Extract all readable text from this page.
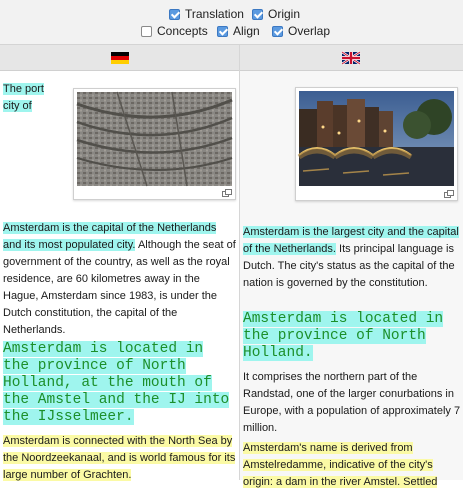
Translation Origin
Concepts Align Overlap
The port city of
Amsterdam is the capital of the Netherlands and its most populated city. Although the seat of government of the country, as well as the royal residence, are 60 kilometres away in the Hague, Amsterdam since 1983, is under the Dutch constitution, the capital of the Netherlands.
Amsterdam is located in the province of North Holland, at the mouth of the Amstel and the IJ into the IJsselmeer.
Amsterdam is connected with the North Sea by the Noordzeekanaal, and is world famous for its large number of Grachten.
Amsterdam is the largest city and the capital of the Netherlands. Its principal language is Dutch. The city's status as the capital of the nation is governed by the constitution.
Amsterdam is located in the province of North Holland.
It comprises the northern part of the Randstad, one of the larger conurbations in Europe, with a population of approximately 7 million.
Amsterdam's name is derived from Amstelredamme, indicative of the city's origin: a dam in the river Amstel. Settled
